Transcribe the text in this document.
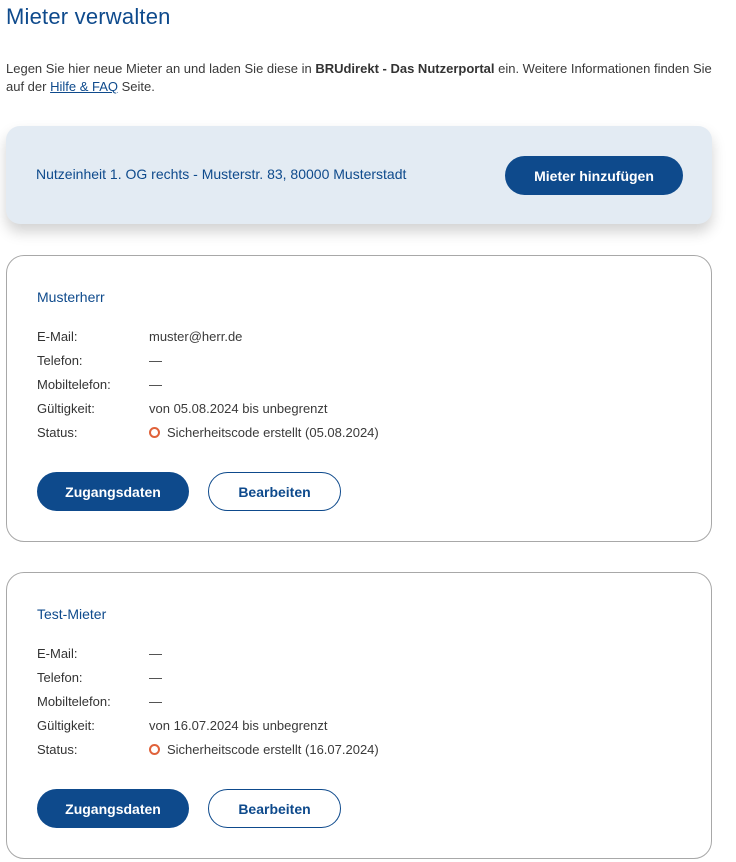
Mieter verwalten
Legen Sie hier neue Mieter an und laden Sie diese in BRUdirekt - Das Nutzerportal ein. Weitere Informationen finden Sie auf der Hilfe & FAQ Seite.
Nutzeinheit 1. OG rechts - Musterstr. 83, 80000 Musterstadt	Mieter hinzufügen
Musterherr
E-Mail:	muster@herr.de
Telefon:	—
Mobiltelefon:	—
Gültigkeit:	von 05.08.2024 bis unbegrenzt
Status:	Sicherheitscode erstellt (05.08.2024)
Zugangsdaten	Bearbeiten
Test-Mieter
E-Mail:	—
Telefon:	—
Mobiltelefon:	—
Gültigkeit:	von 16.07.2024 bis unbegrenzt
Status:	Sicherheitscode erstellt (16.07.2024)
Zugangsdaten	Bearbeiten
